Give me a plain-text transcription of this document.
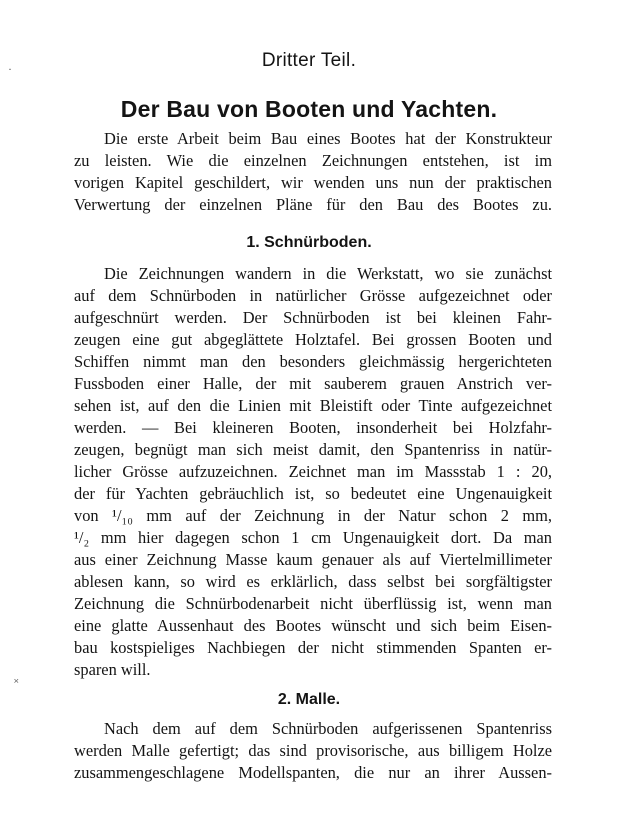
Dritter Teil.
Der Bau von Booten und Yachten.
Die erste Arbeit beim Bau eines Bootes hat der Konstrukteur
zu leisten. Wie die einzelnen Zeichnungen entstehen, ist im
vorigen Kapitel geschildert, wir wenden uns nun der praktischen
Verwertung der einzelnen Pläne für den Bau des Bootes zu.
1. Schnürboden.
Die Zeichnungen wandern in die Werkstatt, wo sie zunächst
auf dem Schnürboden in natürlicher Grösse aufgezeichnet oder
aufgeschnürt werden. Der Schnürboden ist bei kleinen Fahr-
zeugen eine gut abgeglättete Holztafel. Bei grossen Booten und
Schiffen nimmt man den besonders gleichmässig hergerichteten
Fussboden einer Halle, der mit sauberem grauen Anstrich ver-
sehen ist, auf den die Linien mit Bleistift oder Tinte aufgezeichnet
werden. — Bei kleineren Booten, insonderheit bei Holzfahr-
zeugen, begnügt man sich meist damit, den Spantenriss in natür-
licher Grösse aufzuzeichnen. Zeichnet man im Massstab 1 : 20,
der für Yachten gebräuchlich ist, so bedeutet eine Ungenauigkeit
von ¹/₁₀ mm auf der Zeichnung in der Natur schon 2 mm,
¹/₂ mm hier dagegen schon 1 cm Ungenauigkeit dort. Da man
aus einer Zeichnung Masse kaum genauer als auf Viertelmillimeter
ablesen kann, so wird es erklärlich, dass selbst bei sorgfältigster
Zeichnung die Schnürbodenarbeit nicht überflüssig ist, wenn man
eine glatte Aussenhaut des Bootes wünscht und sich beim Eisen-
bau kostspieliges Nachbiegen der nicht stimmenden Spanten er-
sparen will.
2. Malle.
Nach dem auf dem Schnürboden aufgerissenen Spantenriss
werden Malle gefertigt; das sind provisorische, aus billigem Holze
zusammengeschlagene Modellspanten, die nur an ihrer Aussen-
·
˟
